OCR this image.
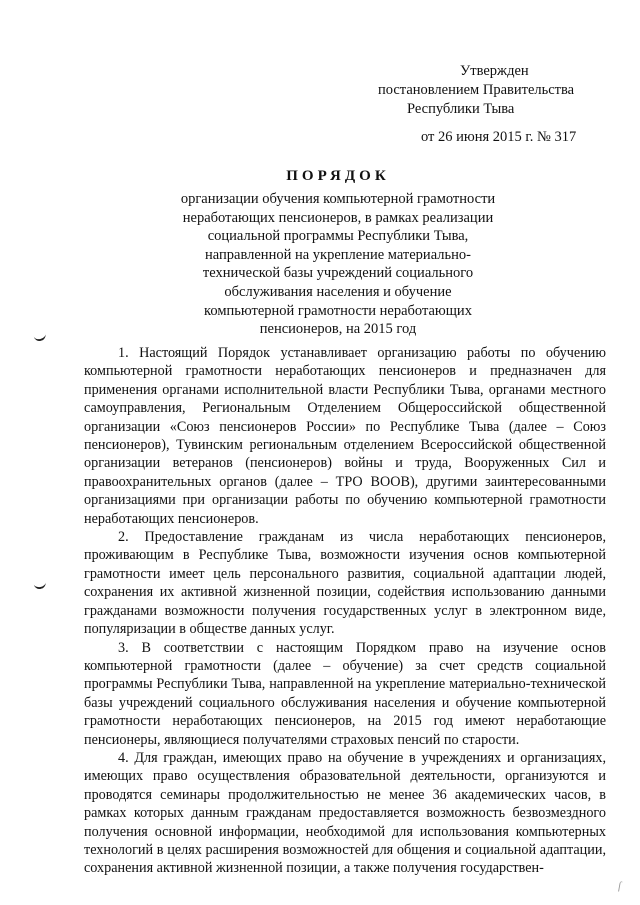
Утвержден
постановлением Правительства
Республики Тыва
от 26 июня 2015 г. № 317
ПОРЯДОК
организации обучения компьютерной грамотности
неработающих пенсионеров, в рамках реализации
социальной программы Республики Тыва,
направленной на укрепление материально-
технической базы учреждений социального
обслуживания населения и обучение
компьютерной грамотности неработающих
пенсионеров, на 2015 год

1. Настоящий Порядок устанавливает организацию работы по обучению компьютерной грамотности неработающих пенсионеров и предназначен для применения органами исполнительной власти Республики Тыва, органами местного самоуправления, Региональным Отделением Общероссийской общественной организации «Союз пенсионеров России» по Республике Тыва (далее – Союз пенсионеров), Тувинским региональным отделением Всероссийской общественной организации ветеранов (пенсионеров) войны и труда, Вооруженных Сил и правоохранительных органов (далее – ТРО ВООВ), другими заинтересованными организациями при организации работы по обучению компьютерной грамотности неработающих пенсионеров.

2. Предоставление гражданам из числа неработающих пенсионеров, проживающим в Республике Тыва, возможности изучения основ компьютерной грамотности имеет цель персонального развития, социальной адаптации людей, сохранения их активной жизненной позиции, содействия использованию данными гражданами возможности получения государственных услуг в электронном виде, популяризации в обществе данных услуг.

3. В соответствии с настоящим Порядком право на изучение основ компьютерной грамотности (далее – обучение) за счет средств социальной программы Республики Тыва, направленной на укрепление материально-технической базы учреждений социального обслуживания населения и обучение компьютерной грамотности неработающих пенсионеров, на 2015 год имеют неработающие пенсионеры, являющиеся получателями страховых пенсий по старости.

4. Для граждан, имеющих право на обучение в учреждениях и организациях, имеющих право осуществления образовательной деятельности, организуются и проводятся семинары продолжительностью не менее 36 академических часов, в рамках которых данным гражданам предоставляется возможность безвозмездного получения основной информации, необходимой для использования компьютерных технологий в целях расширения возможностей для общения и социальной адаптации, сохранения активной жизненной позиции, а также получения государствен-

ſ
